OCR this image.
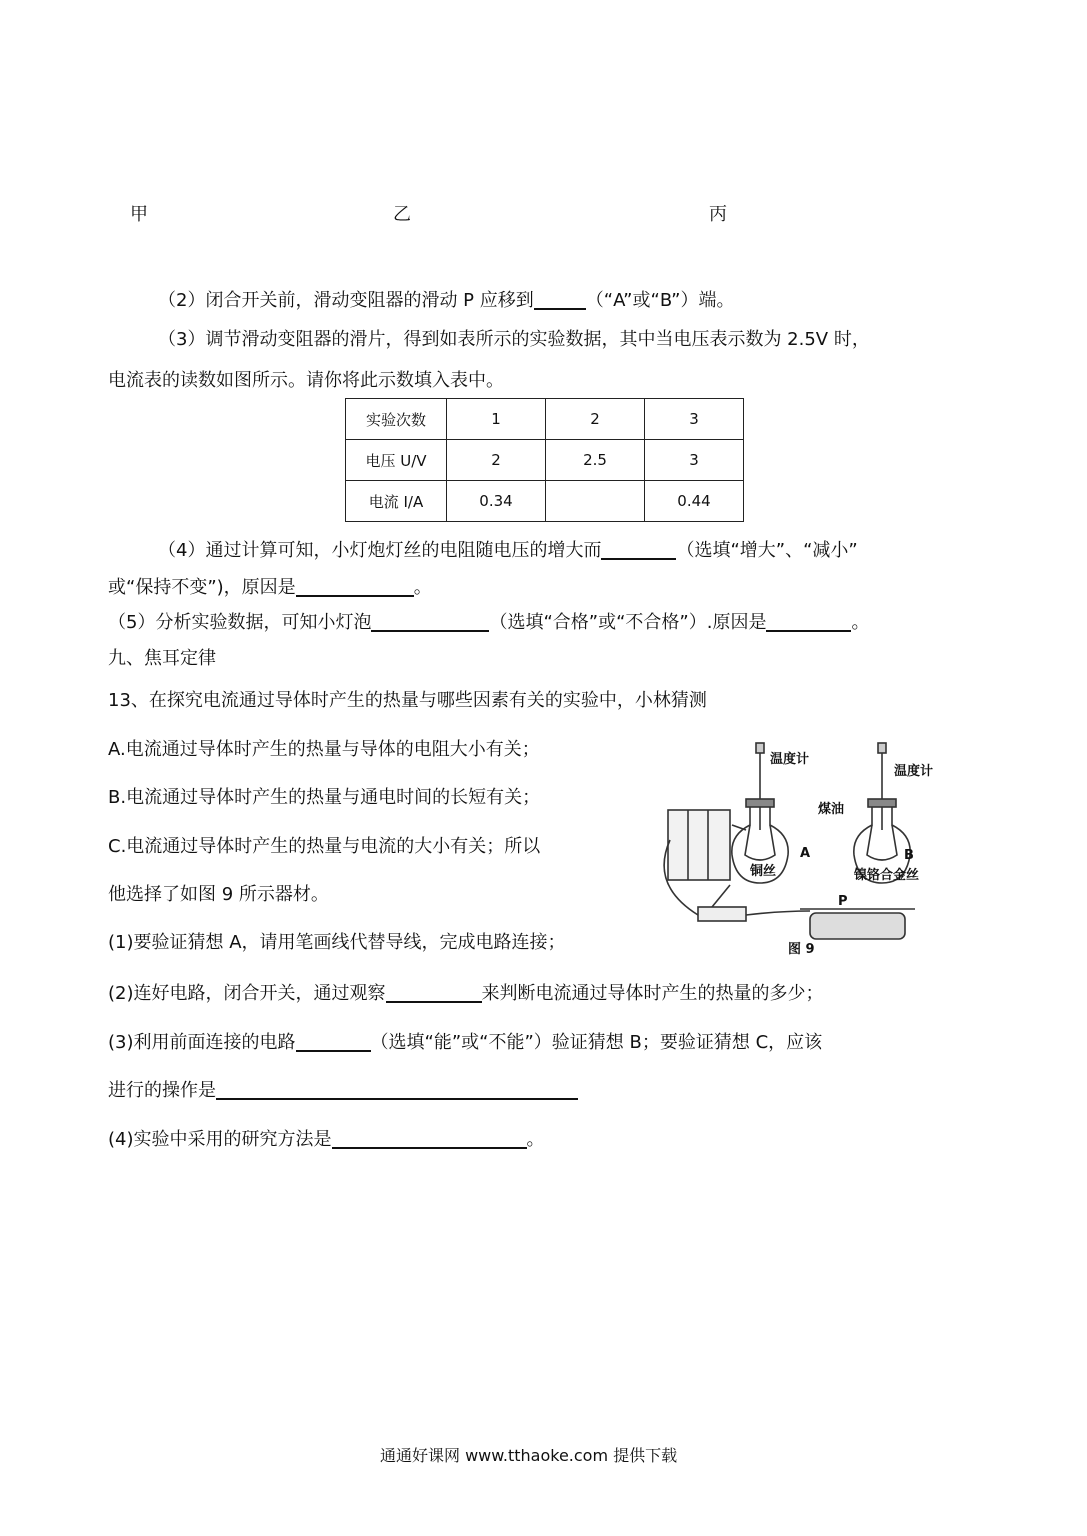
甲	乙	丙
（2）闭合开关前，滑动变阻器的滑动 P 应移到	（“A”或“B”）端。
（3）调节滑动变阻器的滑片，得到如表所示的实验数据，其中当电压表示数为 2.5V 时，
电流表的读数如图所示。请你将此示数填入表中。
实验次数	1	2	3
电压 U/V	2	2.5	3
电流 I/A	0.34		0.44
（4）通过计算可知，小灯炮灯丝的电阻随电压的增大而	（选填“增大”、“减小”
或“保持不变”)，原因是	。
（5）分析实验数据，可知小灯泡	（选填“合格”或“不合格”）.原因是	。
九、焦耳定律
13、在探究电流通过导体时产生的热量与哪些因素有关的实验中，小林猜测
A.电流通过导体时产生的热量与导体的电阻大小有关；
B.电流通过导体时产生的热量与通电时间的长短有关；
C.电流通过导体时产生的热量与电流的大小有关；所以
他选择了如图 9 所示器材。
(1)要验证猜想 A，请用笔画线代替导线，完成电路连接；
(2)连好电路，闭合开关，通过观察	来判断电流通过导体时产生的热量的多少；
(3)利用前面连接的电路	（选填“能”或“不能”）验证猜想 B；要验证猜想 C，应该
进行的操作是
(4)实验中采用的研究方法是	。
温度计
温度计
煤油
A	B
铜丝	镍铬合金丝
P
图 9
通通好课网 www.tthaoke.com 提供下载
